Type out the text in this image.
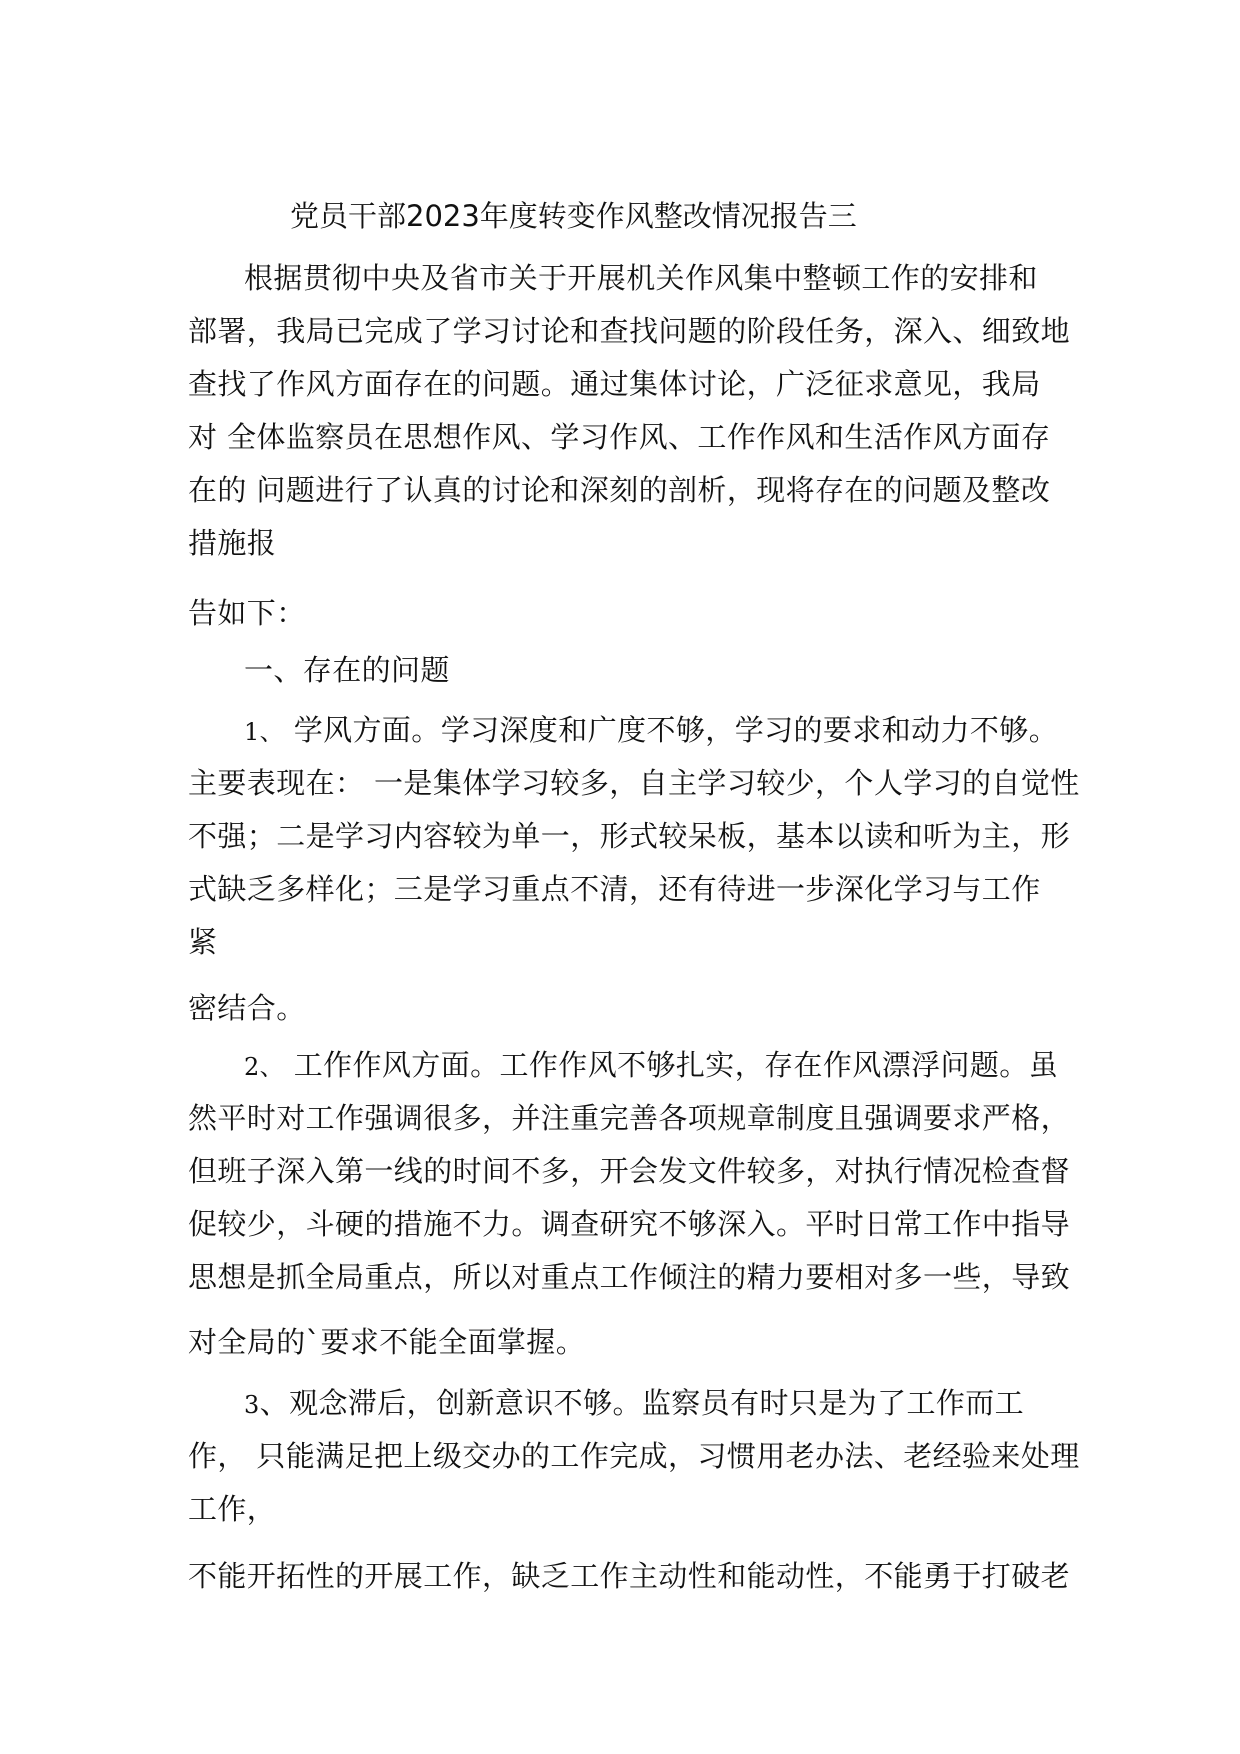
党员干部2023年度转变作风整改情况报告三
根据贯彻中央及省市关于开展机关作风集中整顿工作的安排和
部署，我局已完成了学习讨论和查找问题的阶段任务，深入、细致地
查找了作风方面存在的问题。通过集体讨论，广泛征求意见，我局
对 全体监察员在思想作风、学习作风、工作作风和生活作风方面存
在的 问题进行了认真的讨论和深刻的剖析，现将存在的问题及整改
措施报
告如下：
一、存在的问题
1、 学风方面。学习深度和广度不够，学习的要求和动力不够。
主要表现在： 一是集体学习较多，自主学习较少，个人学习的自觉性
不强；二是学习内容较为单一，形式较呆板，基本以读和听为主，形
式缺乏多样化；三是学习重点不清，还有待进一步深化学习与工作
紧
密结合。
2、 工作作风方面。工作作风不够扎实，存在作风漂浮问题。虽
然平时对工作强调很多，并注重完善各项规章制度且强调要求严格，
但班子深入第一线的时间不多，开会发文件较多，对执行情况检查督
促较少，斗硬的措施不力。调查研究不够深入。平时日常工作中指导
思想是抓全局重点，所以对重点工作倾注的精力要相对多一些，导致
对全局的`要求不能全面掌握。
3、观念滞后，创新意识不够。监察员有时只是为了工作而工
作， 只能满足把上级交办的工作完成，习惯用老办法、老经验来处理
工作，
不能开拓性的开展工作，缺乏工作主动性和能动性，不能勇于打破老
